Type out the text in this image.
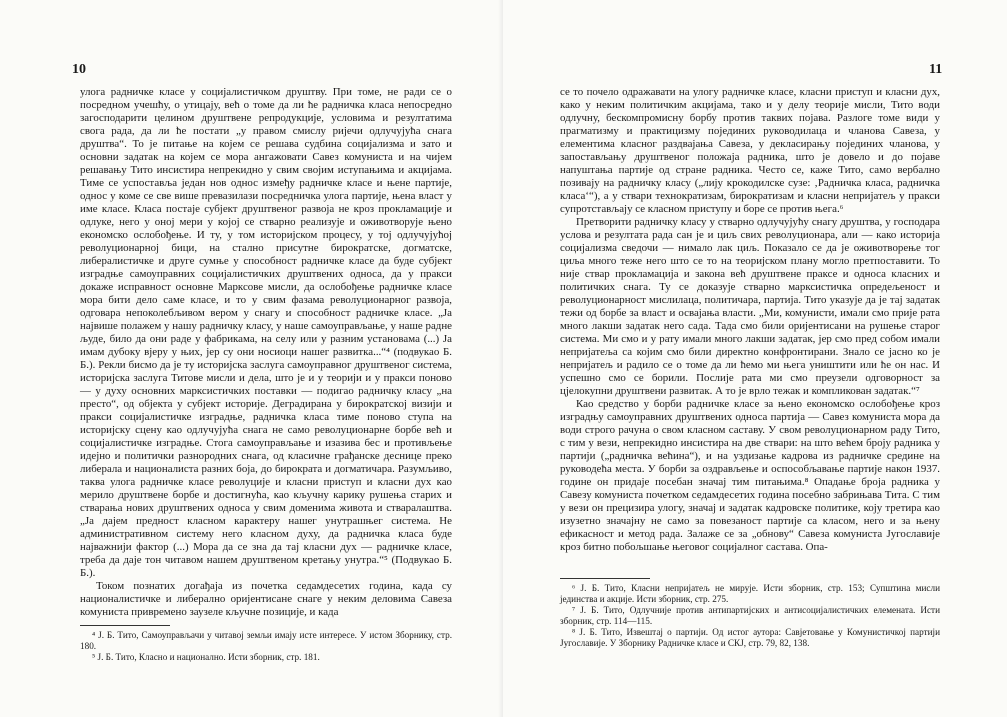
10

улога радничке класе у социјалистичком друштву. При томе, не ради се о посредном учешћу, о утицају, већ о томе да ли ће радничка класа непосредно загосподарити целином друштвене репродукције, условима и резултатима свога рада, да ли ће постати „у правом смислу ријечи одлучујућа снага друштва“. То је питање на којем се решава судбина социјализма и зато и основни задатак на којем се мора ангажовати Савез комуниста и на чијем решавању Тито инсистира непрекидно у свим својим иступањима и акцијама. Тиме се успоставља један нов однос између радничке класе и њене партије, однос у коме се све више превазилази посредничка улога партије, њена власт у име класе. Класа постаје субјект друштвеног развоја не кроз прокламације и одлуке, него у оној мери у којој се стварно реализује и оживотворује њено економско ослобођење. И ту, у том историјском процесу, у тој одлучујућој револуционарној бици, на стално присутне бирократске, догматске, либералистичке и друге сумње у способност радничке класе да буде субјект изградње самоуправних социјалистичких друштвених односа, да у пракси докаже исправност основне Марксове мисли, да ослобођење радничке класе мора бити дело саме класе, и то у свим фазама револуционарног развоја, одговара непоколебљивом вером у снагу и способност радничке класе. „Ја највише полажем у нашу радничку класу, у наше самоуправљање, у наше радне људе, било да они раде у фабрикама, на селу или у разним установама (...) Ја имам дубоку вјеру у њих, јер су они носиоци нашег развитка...“⁴ (подвукао Б. Б.). Рекли бисмо да је ту историјска заслуга самоуправног друштвеног система, историјска заслуга Титове мисли и дела, што је и у теорији и у пракси поново — у духу основних марксистичких поставки — подигао радничку класу „на престо“, од објекта у субјект историје. Деградирана у бирократској визији и пракси социјалистичке изградње, радничка класа тиме поново ступа на историјску сцену као одлучујућа снага не само револуционарне борбе већ и социјалистичке изградње. Стога самоуправљање и изазива бес и противљење идејно и политички разнородних снага, од класичне грађанске деснице преко либерала и националиста разних боја, до бирократа и догматичара. Разумљиво, таква улога радничке класе револуције и класни приступ и класни дух као мерило друштвене борбе и достигнућа, као кључну карику рушења старих и стварања нових друштвених односа у свим доменима живота и стваралаштва. „Ја дајем предност класном карактеру нашег унутрашњег система. Не административном систему него класном духу, да радничка класа буде најважнији фактор (...) Мора да се зна да тај класни дух — радничке класе, треба да даје тон читавом нашем друштвеном кретању унутра.“⁵ (Подвукао Б. Б.).

Током познатих догађаја из почетка седамдесетих година, када су националистичке и либерално оријентисане снаге у неким деловима Савеза комуниста привремено заузеле кључне позиције, и када

⁴ Ј. Б. Тито, Самоуправљачи у читавој земљи имају исте интересе. У истом Зборнику, стр. 180.

⁵ Ј. Б. Тито, Класно и национално. Исти зборник, стр. 181.

11

се то почело одражавати на улогу радничке класе, класни приступ и класни дух, како у неким политичким акцијама, тако и у делу теорије мисли, Тито води одлучну, бескомпромисну борбу против таквих појава. Разлоге томе види у прагматизму и практицизму појединих руководилаца и чланова Савеза, у елементима класног раздвајања Савеза, у декласирању појединих чланова, у запостављању друштвеног положаја радника, што је довело и до појаве напуштања партије од стране радника. Често се, каже Тито, само вербално позивају на радничку класу („лију крокодилске сузе: ‚Радничка класа, радничка класа‘“), а у ствари технократизам, бирократизам и класни непријатељ у пракси супротстављају се класном приступу и боре се против њега.⁶

Претворити радничку класу у стварно одлучујућу снагу друштва, у господара услова и резултата рада сан је и циљ свих револуционара, али — како историја социјализма сведочи — нимало лак циљ. Показало се да је оживотворење тог циља много теже него што се то на теоријском плану могло претпоставити. То није ствар прокламација и закона већ друштвене праксе и односа класних и политичких снага. Ту се доказује стварно марксистичка опредељеност и револуционарност мислилаца, политичара, партија. Тито указује да је тај задатак тежи од борбе за власт и освајања власти. „Ми, комунисти, имали смо прије рата много лакши задатак него сада. Тада смо били оријентисани на рушење старог система. Ми смо и у рату имали много лакши задатак, јер смо пред собом имали непријатеља са којим смо били директно конфронтирани. Знало се јасно ко је непријатељ и радило се о томе да ли ћемо ми њега уништити или ће он нас. И успешно смо се борили. Послије рата ми смо преузели одговорност за цјелокупни друштвени развитак. А то је врло тежак и компликован задатак.“⁷

Као средство у борби радничке класе за њено економско ослобођење кроз изградњу самоуправних друштвених односа партија — Савез комуниста мора да води строго рачуна о свом класном саставу. У свом револуционарном раду Тито, с тим у вези, непрекидно инсистира на две ствари: на што већем броју радника у партији („радничка већина“), и на уздизање кадрова из радничке средине на руководећа места. У борби за оздрављење и оспособљавање партије након 1937. године он придаје посебан значај тим питањима.⁸ Опадање броја радника у Савезу комуниста почетком седамдесетих година посебно забрињава Тита. С тим у вези он прецизира улогу, значај и задатак кадровске политике, коју третира као изузетно значајну не само за повезаност партије са класом, него и за њену ефикасност и метод рада. Залаже се за „обнову“ Савеза комуниста Југославије кроз битно побољшање његовог социјалног састава. Опа-

⁶ Ј. Б. Тито, Класни непријатељ не мирује. Исти зборник, стр. 153; Супштина мисли јединства и акције. Исти зборник, стр. 275.

⁷ Ј. Б. Тито, Одлучније против антипартијских и антисоцијалистичких елемената. Исти зборник, стр. 114—115.

⁸ Ј. Б. Тито, Извештај о партији. Од истог аутора: Савјетовање у Комунистичкој партији Југославије. У Зборнику Радничке класе и СКЈ, стр. 79, 82, 138.
